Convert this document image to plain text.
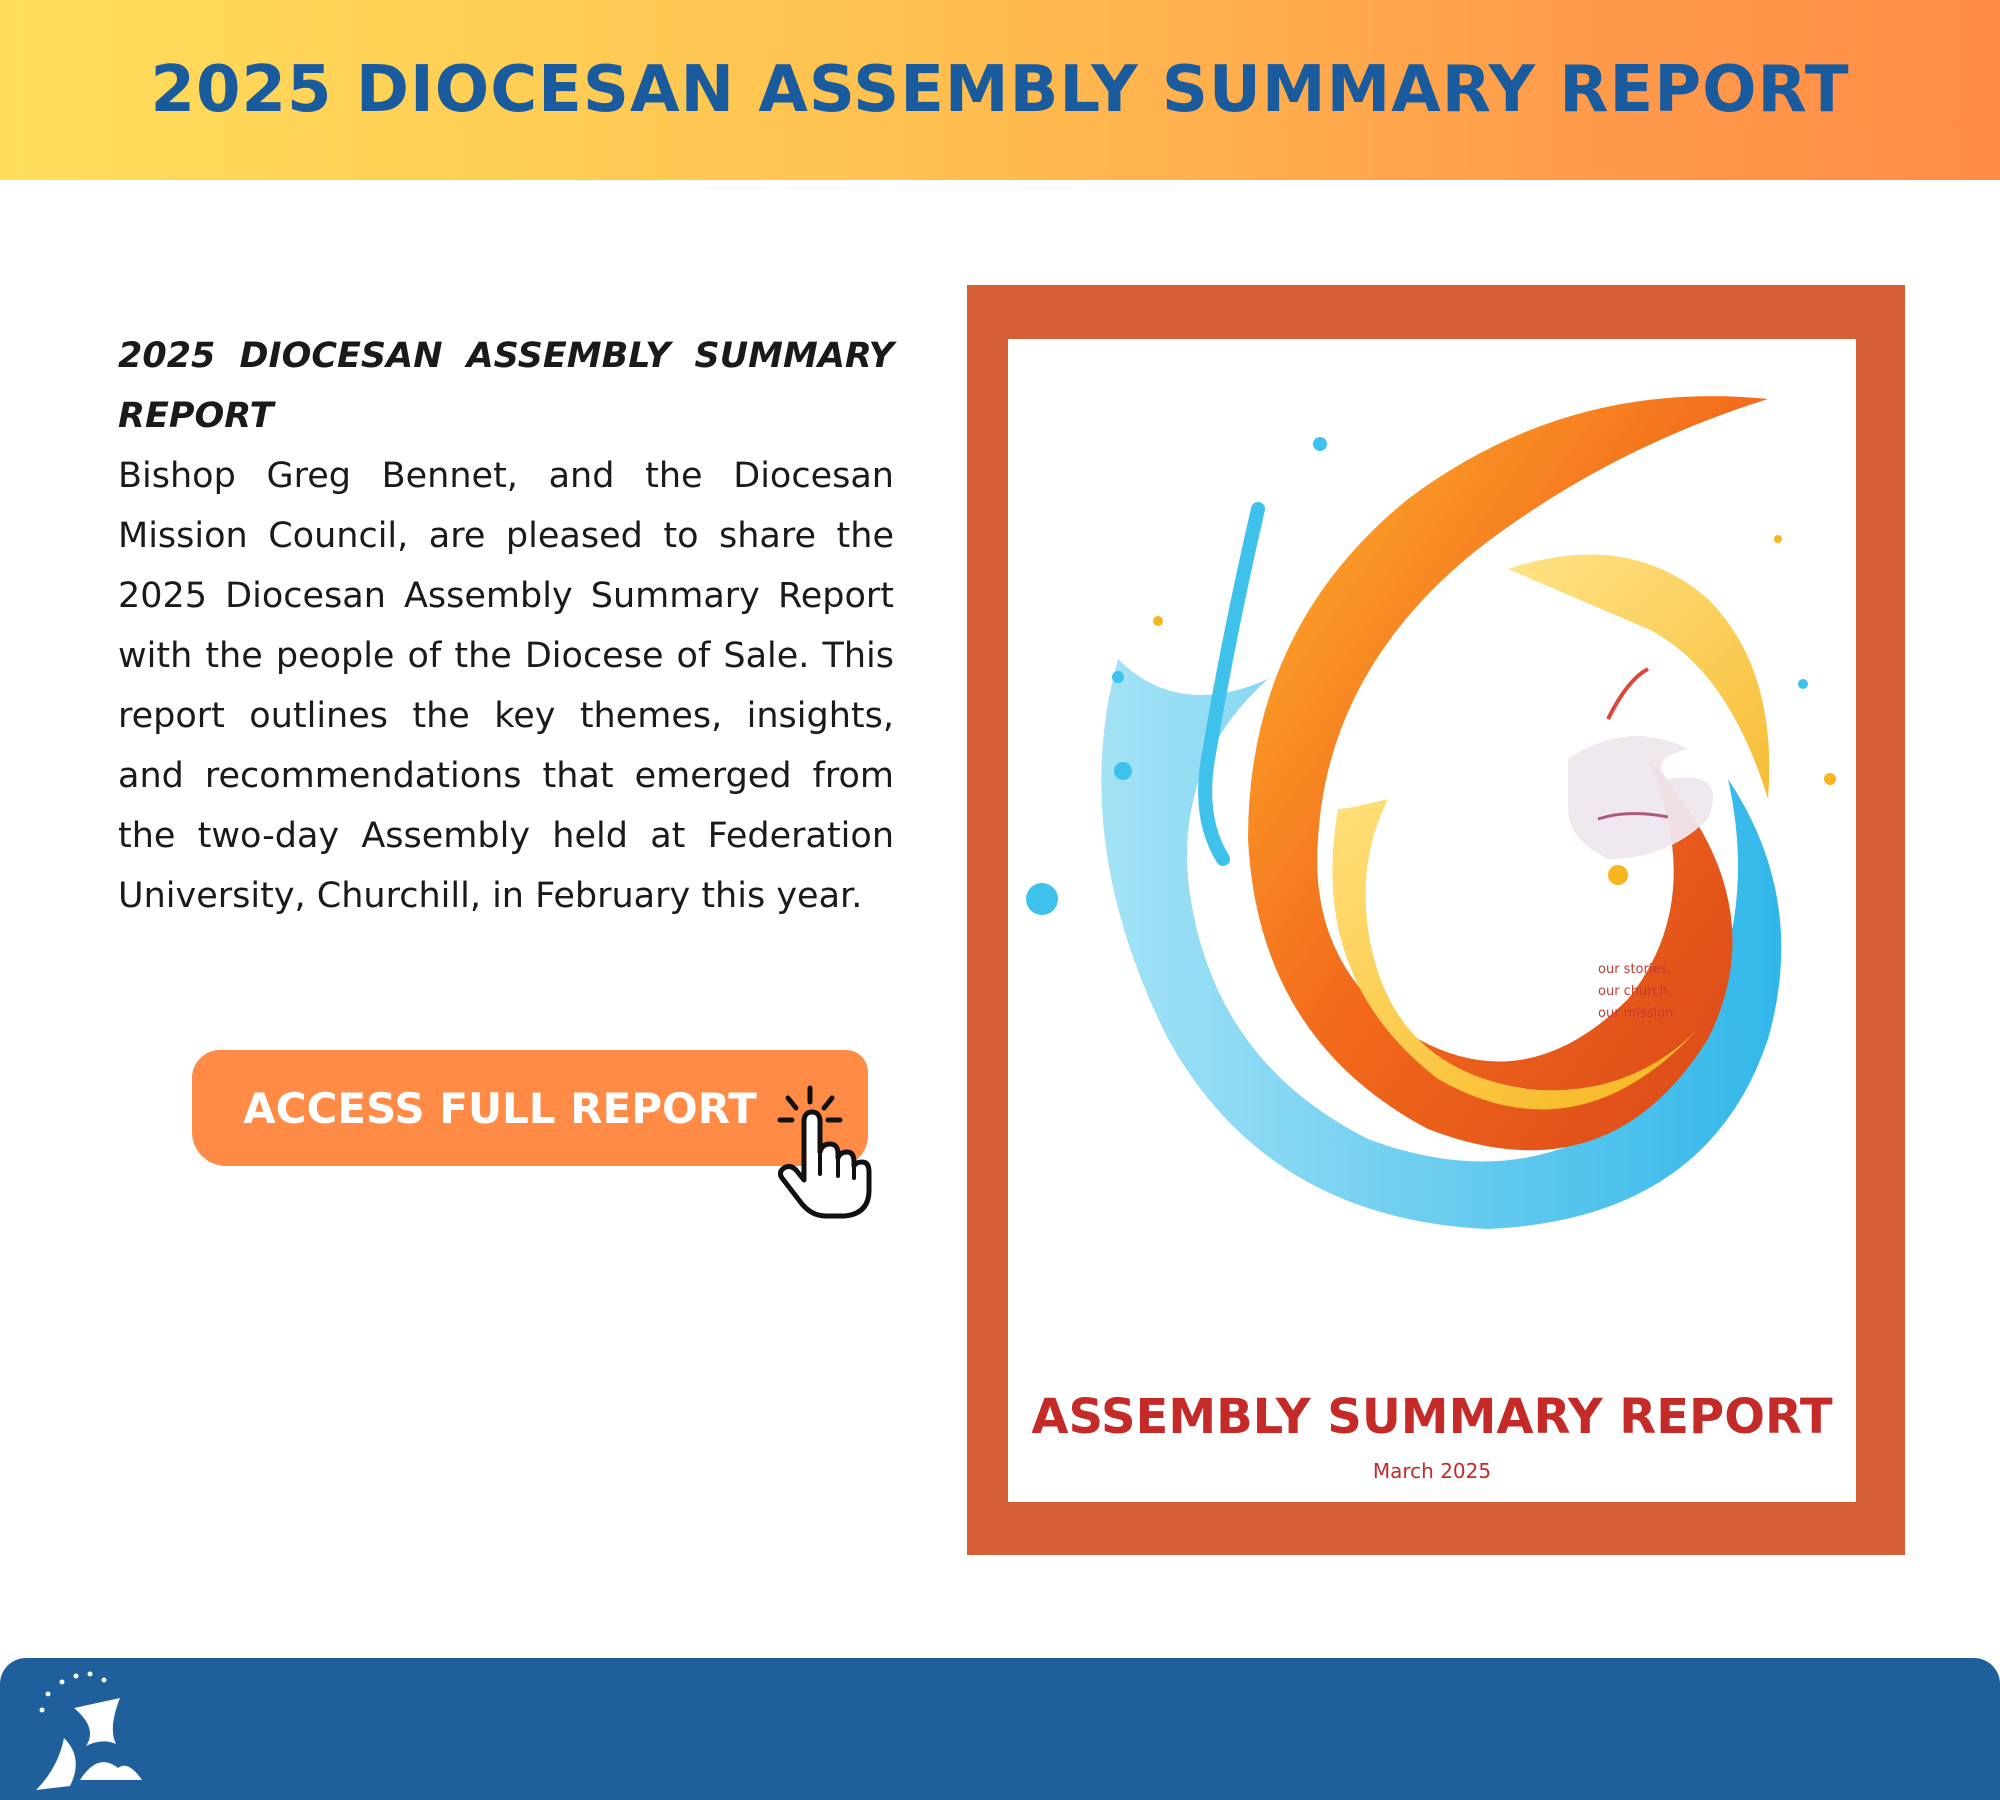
2025 DIOCESAN ASSEMBLY SUMMARY REPORT

2025 DIOCESAN ASSEMBLY SUMMARY REPORT

Bishop Greg Bennet, and the Diocesan Mission Council, are pleased to share the 2025 Diocesan Assembly Summary Report with the people of the Diocese of Sale. This report outlines the key themes, insights, and recommendations that emerged from the two-day Assembly held at Federation University, Churchill, in February this year.

ACCESS FULL REPORT
our stories,
our church,
our mission.

ASSEMBLY SUMMARY REPORT

March 2025
